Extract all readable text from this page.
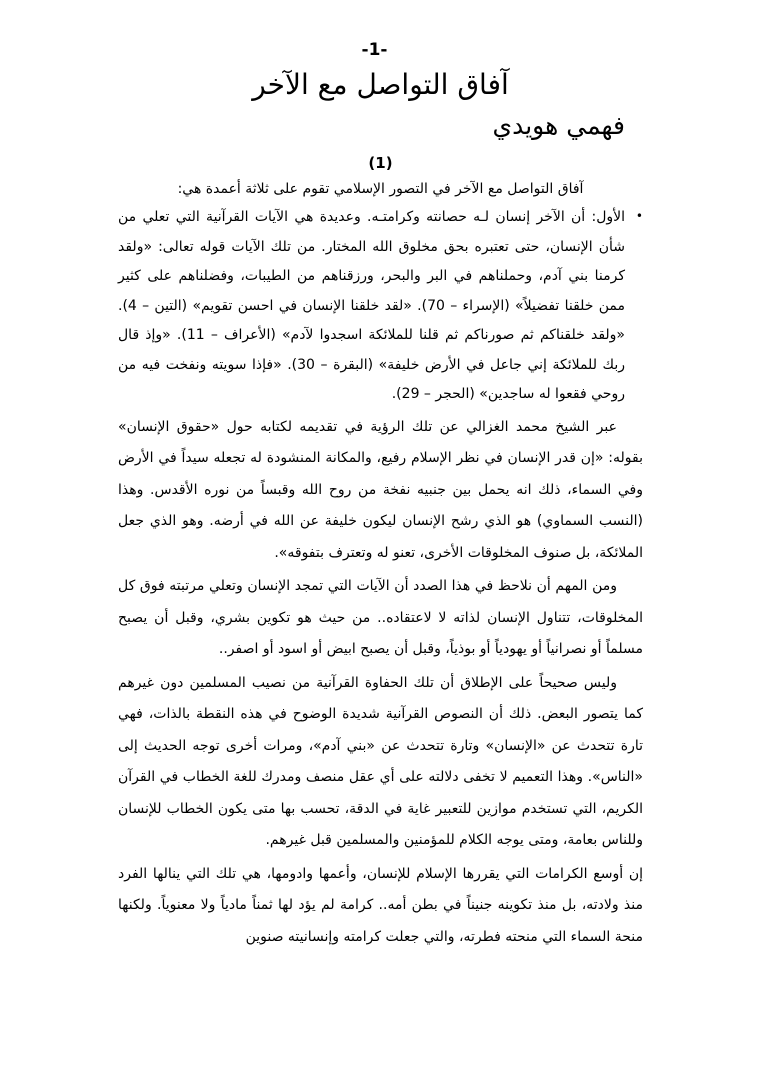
-1-
آفاق التواصل مع الآخر
فهمي هويدي
(1)

آفاق التواصل مع الآخر في التصور الإسلامي تقوم على ثلاثة أعمدة هي:

•

الأول: أن الآخر إنسان لـه حصانته وكرامتـه. وعديدة هي الآيات القرآنية التي تعلي من شأن الإنسان، حتى تعتبره بحق مخلوق الله المختار. من تلك الآيات قوله تعالى: «ولقد كرمنا بني آدم، وحملناهم في البر والبحر، ورزقناهم من الطيبات، وفضلناهم على كثير ممن خلقنا تفضيلاً» (الإسراء – 70). «لقد خلقنا الإنسان في احسن تقويم» (التين – 4). «ولقد خلقناكم ثم صورناكم ثم قلنا للملائكة اسجدوا لآدم» (الأعراف – 11). «وإذ قال ربك للملائكة إني جاعل في الأرض خليفة» (البقرة – 30). «فإذا سويته ونفخت فيه من روحي فقعوا له ساجدين» (الحجر – 29).

عبر الشيخ محمد الغزالي عن تلك الرؤية في تقديمه لكتابه حول «حقوق الإنسان» بقوله: «إن قدر الإنسان في نظر الإسلام رفيع، والمكانة المنشودة له تجعله سيداً في الأرض وفي السماء، ذلك انه يحمل بين جنبيه نفخة من روح الله وقبساً من نوره الأقدس. وهذا (النسب السماوي) هو الذي رشح الإنسان ليكون خليفة عن الله في أرضه. وهو الذي جعل الملائكة، بل صنوف المخلوقات الأخرى، تعنو له وتعترف بتفوقه».

ومن المهم أن نلاحظ في هذا الصدد أن الآيات التي تمجد الإنسان وتعلي مرتبته فوق كل المخلوقات، تتناول الإنسان لذاته لا لاعتقاده.. من حيث هو تكوين بشري، وقبل أن يصبح مسلماً أو نصرانياً أو يهودياً أو بوذياً، وقبل أن يصبح ابيض أو اسود أو اصفر..

وليس صحيحاً على الإطلاق أن تلك الحفاوة القرآنية من نصيب المسلمين دون غيرهم كما يتصور البعض. ذلك أن النصوص القرآنية شديدة الوضوح في هذه النقطة بالذات، فهي تارة تتحدث عن «الإنسان» وتارة تتحدث عن «بني آدم»، ومرات أخرى توجه الحديث إلى «الناس». وهذا التعميم لا تخفى دلالته على أي عقل منصف ومدرك للغة الخطاب في القرآن الكريم، التي تستخدم موازين للتعبير غاية في الدقة، تحسب بها متى يكون الخطاب للإنسان وللناس بعامة، ومتى يوجه الكلام للمؤمنين والمسلمين قبل غيرهم.

إن أوسع الكرامات التي يقررها الإسلام للإنسان، وأعمها وادومها، هي تلك التي ينالها الفرد منذ ولادته، بل منذ تكوينه جنيناً في بطن أمه.. كرامة لم يؤد لها ثمناً مادياً ولا معنوياً. ولكنها منحة السماء التي منحته فطرته، والتي جعلت كرامته وإنسانيته صنوين
